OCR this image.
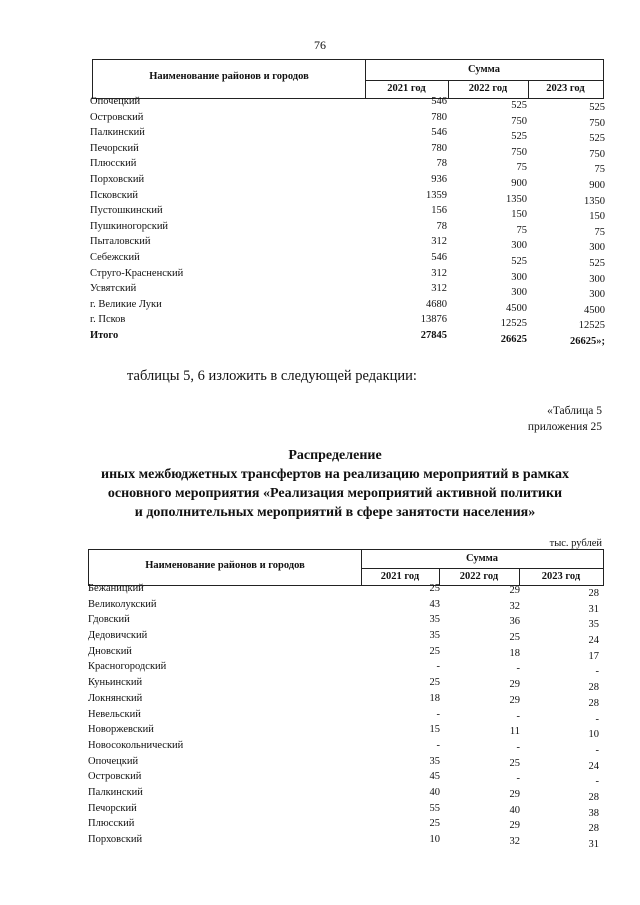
76
Наименование районов и городов
Сумма
2021 год	2022 год	2023 год
Опочецкий	546	525	525
Островский	780	750	750
Палкинский	546	525	525
Печорский	780	750	750
Плюсский	78	75	75
Порховский	936	900	900
Псковский	1359	1350	1350
Пустошкинский	156	150	150
Пушкиногорский	78	75	75
Пыталовский	312	300	300
Себежский	546	525	525
Струго-Красненский	312	300	300
Усвятский	312	300	300
г. Великие Луки	4680	4500	4500
г. Псков	13876	12525	12525
Итого	27845	26625	26625»;
таблицы 5, 6 изложить в следующей редакции:
«Таблица 5
приложения 25
Распределение
иных межбюджетных трансфертов на реализацию мероприятий в рамках
основного мероприятия «Реализация мероприятий активной политики
и дополнительных мероприятий в сфере занятости населения»
тыс. рублей
Наименование районов и городов
Сумма
2021 год	2022 год	2023 год
Бежаницкий	25	29	28
Великолукский	43	32	31
Гдовский	35	36	35
Дедовичский	35	25	24
Дновский	25	18	17
Красногородский	-	-	-
Куньинский	25	29	28
Локнянский	18	29	28
Невельский	-	-	-
Новоржевский	15	11	10
Новосокольнический	-	-	-
Опочецкий	35	25	24
Островский	45	-	-
Палкинский	40	29	28
Печорский	55	40	38
Плюсский	25	29	28
Порховский	10	32	31
